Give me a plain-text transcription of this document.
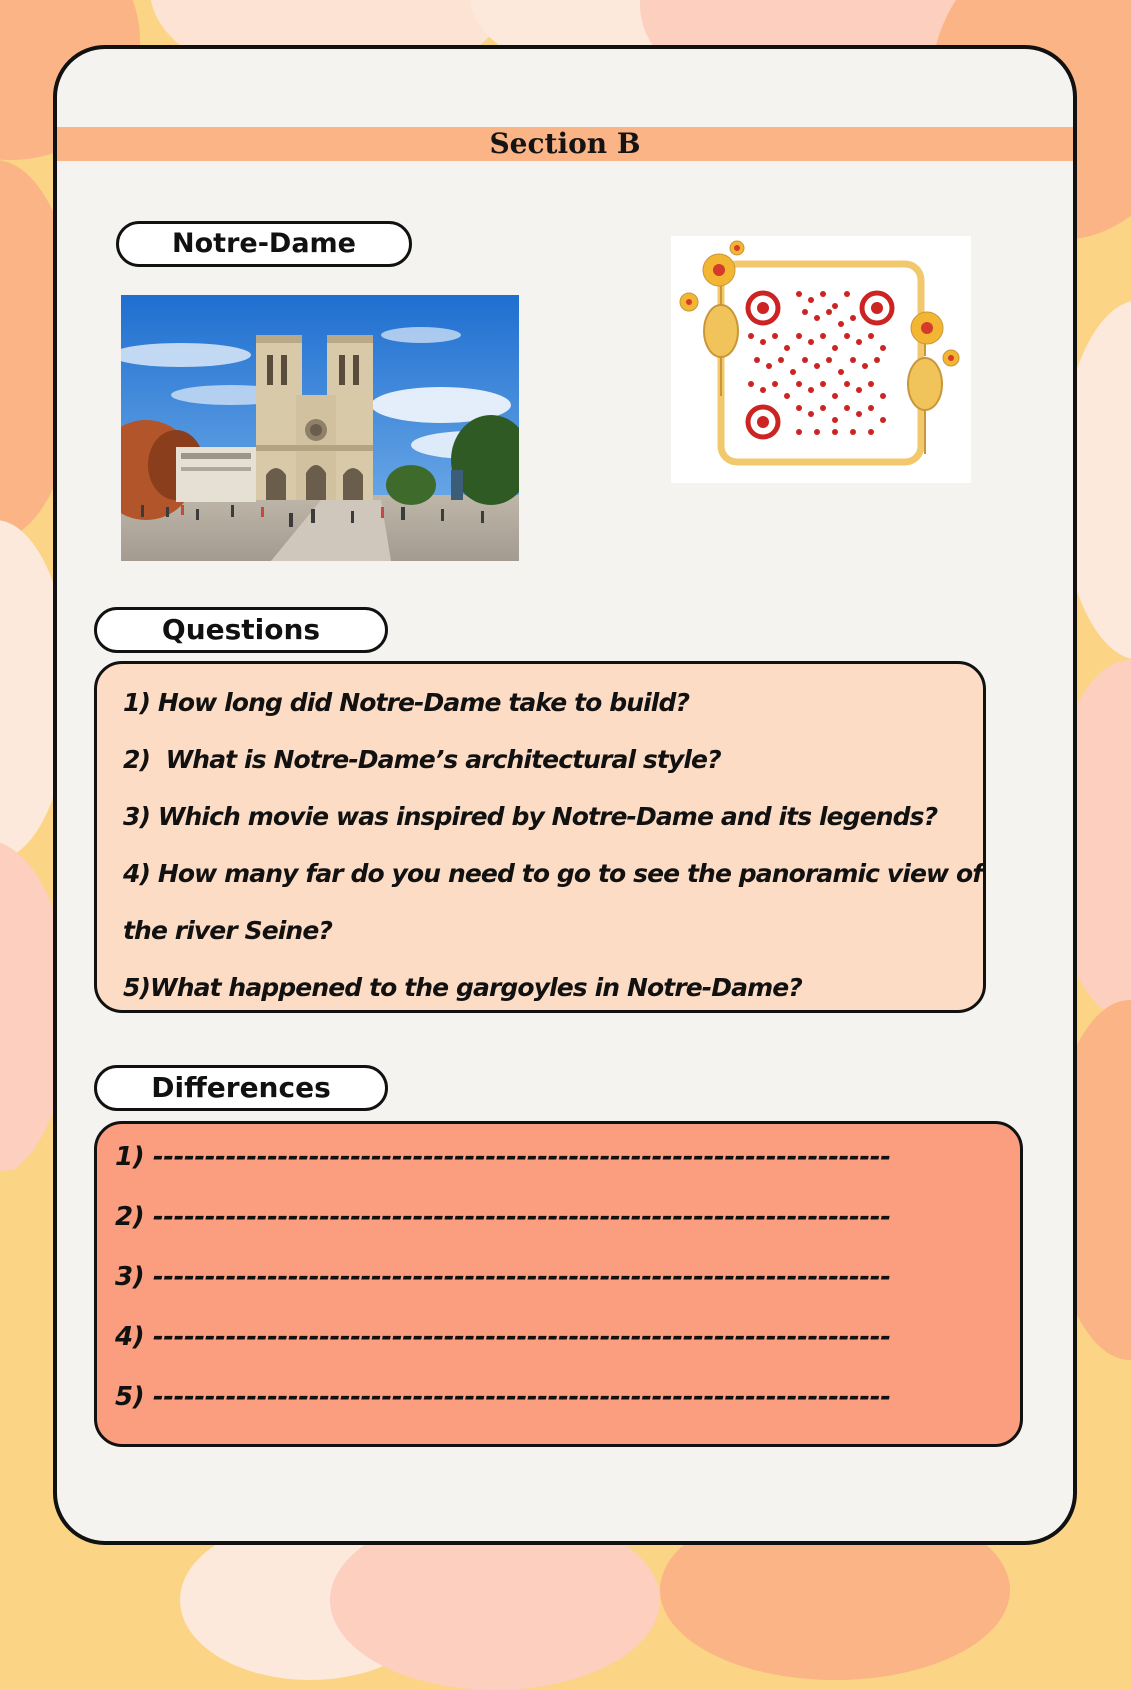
Section B
Notre-Dame
Questions
1) How long did Notre-Dame take to build?
2)  What is Notre-Dame’s architectural style?
3) Which movie was inspired by Notre-Dame and its legends?
4) How many far do you need to go to see the panoramic view of
the river Seine?
5)What happened to the gargoyles in Notre-Dame?
Differences
1) -----------------------------------------------------------------------
2) -----------------------------------------------------------------------
3) -----------------------------------------------------------------------
4) -----------------------------------------------------------------------
5) -----------------------------------------------------------------------
